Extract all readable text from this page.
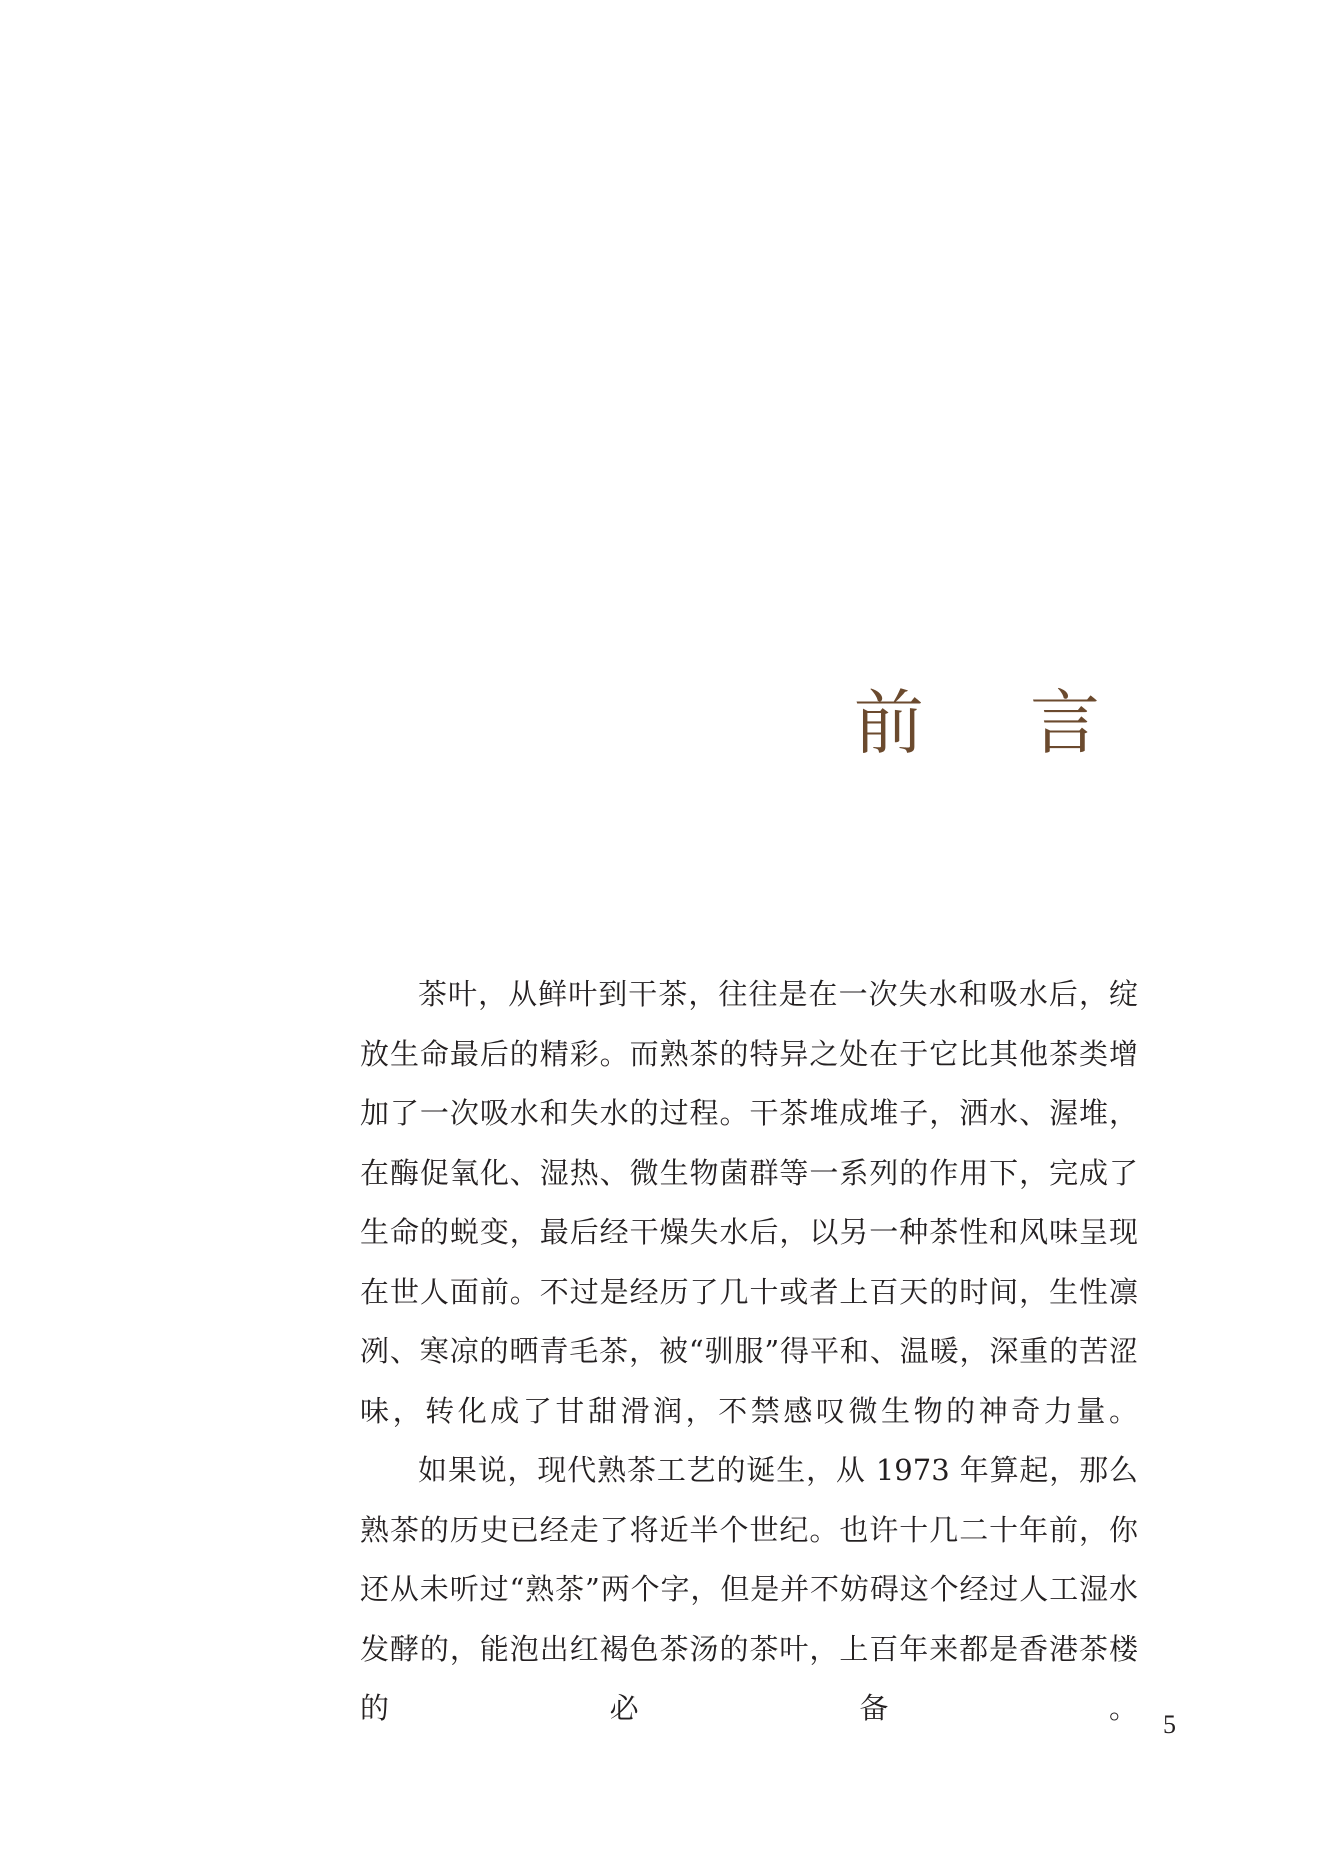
前 言

茶叶，从鲜叶到干茶，往往是在一次失水和吸水后，绽放生命最后的精彩。而熟茶的特异之处在于它比其他茶类增加了一次吸水和失水的过程。干茶堆成堆子，洒水、渥堆，在酶促氧化、湿热、微生物菌群等一系列的作用下，完成了生命的蜕变，最后经干燥失水后，以另一种茶性和风味呈现在世人面前。不过是经历了几十或者上百天的时间，生性凛冽、寒凉的晒青毛茶，被“驯服”得平和、温暖，深重的苦涩味，转化成了甘甜滑润，不禁感叹微生物的神奇力量。

如果说，现代熟茶工艺的诞生，从 1973 年算起，那么熟茶的历史已经走了将近半个世纪。也许十几二十年前，你还从未听过“熟茶”两个字，但是并不妨碍这个经过人工湿水发酵的，能泡出红褐色茶汤的茶叶，上百年来都是香港茶楼的必备。 5
